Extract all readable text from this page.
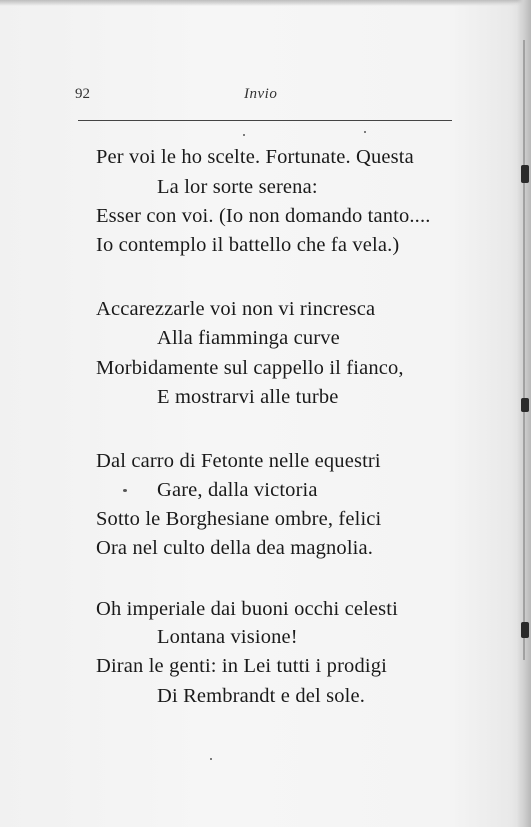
92	Invio
Per voi le ho scelte. Fortunate. Questa
La lor sorte serena:
Esser con voi. (Io non domando tanto....
Io contemplo il battello che fa vela.)
Accarezzarle voi non vi rincresca
Alla fiamminga curve
Morbidamente sul cappello il fianco,
E mostrarvi alle turbe
Dal carro di Fetonte nelle equestri
Gare, dalla victoria
Sotto le Borghesiane ombre, felici
Ora nel culto della dea magnolia.
Oh imperiale dai buoni occhi celesti
Lontana visione!
Diran le genti: in Lei tutti i prodigi
Di Rembrandt e del sole.
